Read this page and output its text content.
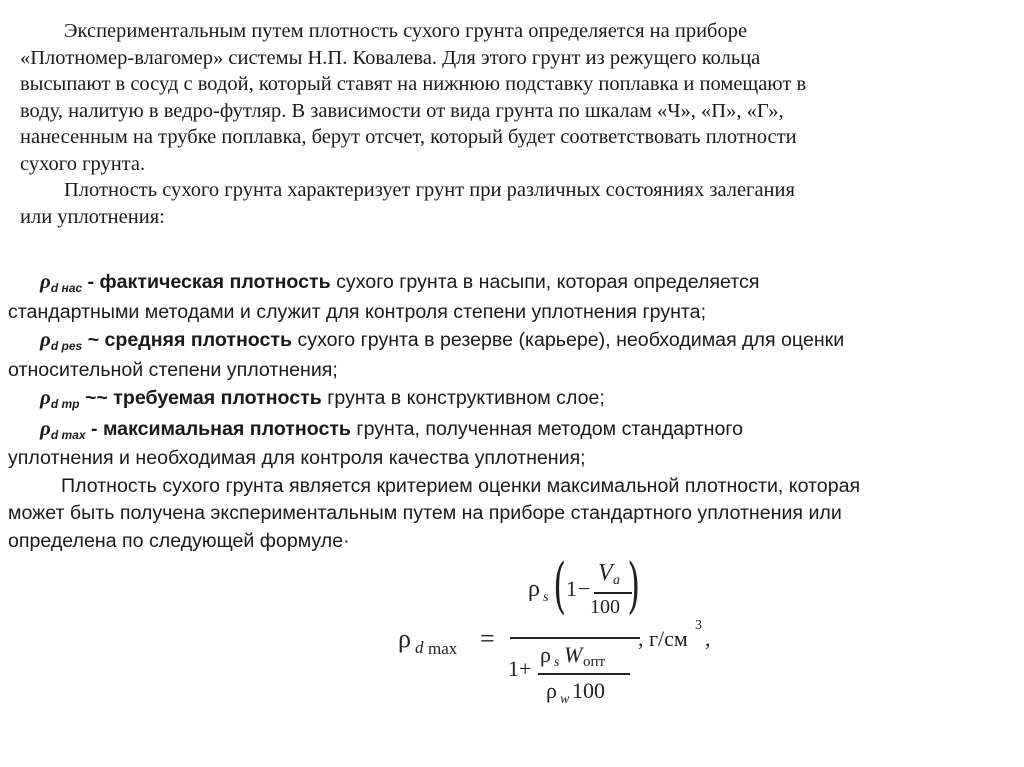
Экспериментальным путем плотность сухого грунта определяется на приборе
«Плотномер-влагомер» системы Н.П. Ковалева. Для этого грунт из режущего кольца
высыпают в сосуд с водой, который ставят на нижнюю подставку поплавка и помещают в
воду, налитую в ведро-футляр. В зависимости от вида грунта по шкалам «Ч», «П», «Г»,
нанесенным на трубке поплавка, берут отсчет, который будет соответствовать плотности
сухого грунта.
Плотность сухого грунта характеризует грунт при различных состояниях залегания
или уплотнения:
$\rho_{d нас}$ - фактическая плотность сухого грунта в насыпи, которая определяется
стандартными методами и служит для контроля степени уплотнения грунта;
$\rho_{d pes}$ ~ средняя плотность сухого грунта в резерве (карьере), необходимая для оценки
относительной степени уплотнения;
$\rho_{d тр}$ ~~ требуемая плотность грунта в конструктивном слое;
$\rho_{d max}$ - максимальная плотность грунта, полученная методом стандартного
уплотнения и необходимая для контроля качества уплотнения;
Плотность сухого грунта является критерием оценки максимальной плотности, которая
может быть получена экспериментальным путем на приборе стандартного уплотнения или
определена по следующей формуле·
ρ d max =
ρ s ( 1 −
V a
100 )
1+
ρ s W опт
ρ w 100
, г/см
3
,
